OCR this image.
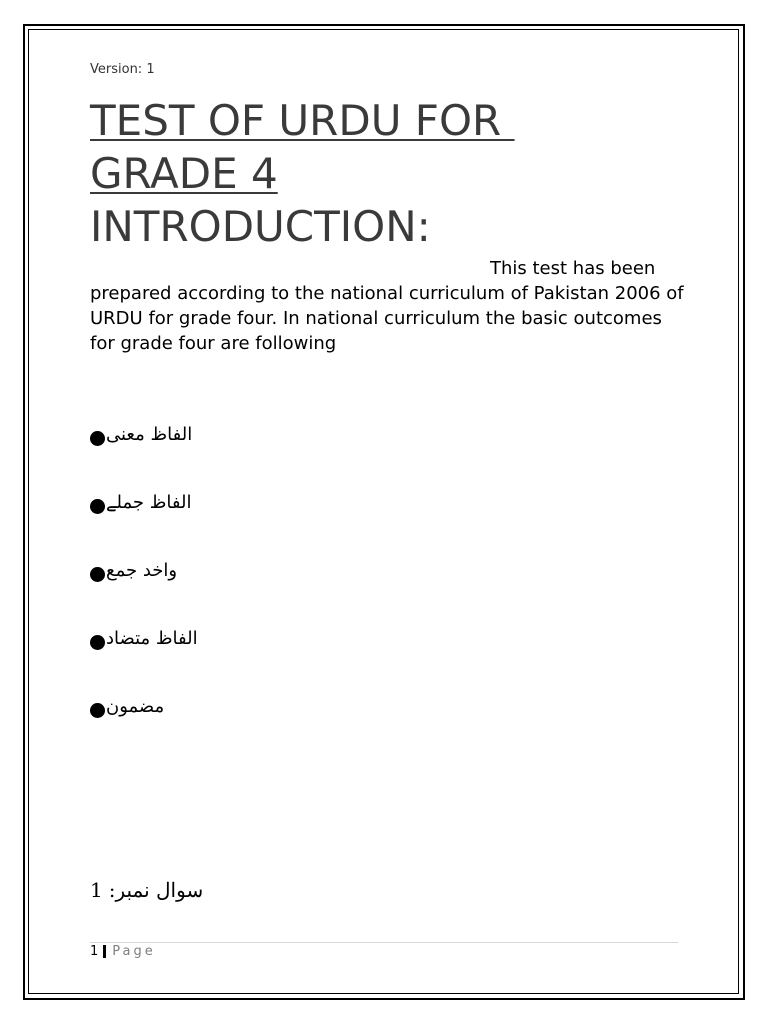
Version: 1
TEST OF URDU FOR
GRADE 4
INTRODUCTION:

This test has been prepared according to the national curriculum of Pakistan 2006 of URDU for grade four. In national curriculum the basic outcomes for grade four are following

الفاظ معنی
الفاظ جملے
واخد جمع
الفاظ متضاد
مضمون
1 سوال نمبر:
1 Page
